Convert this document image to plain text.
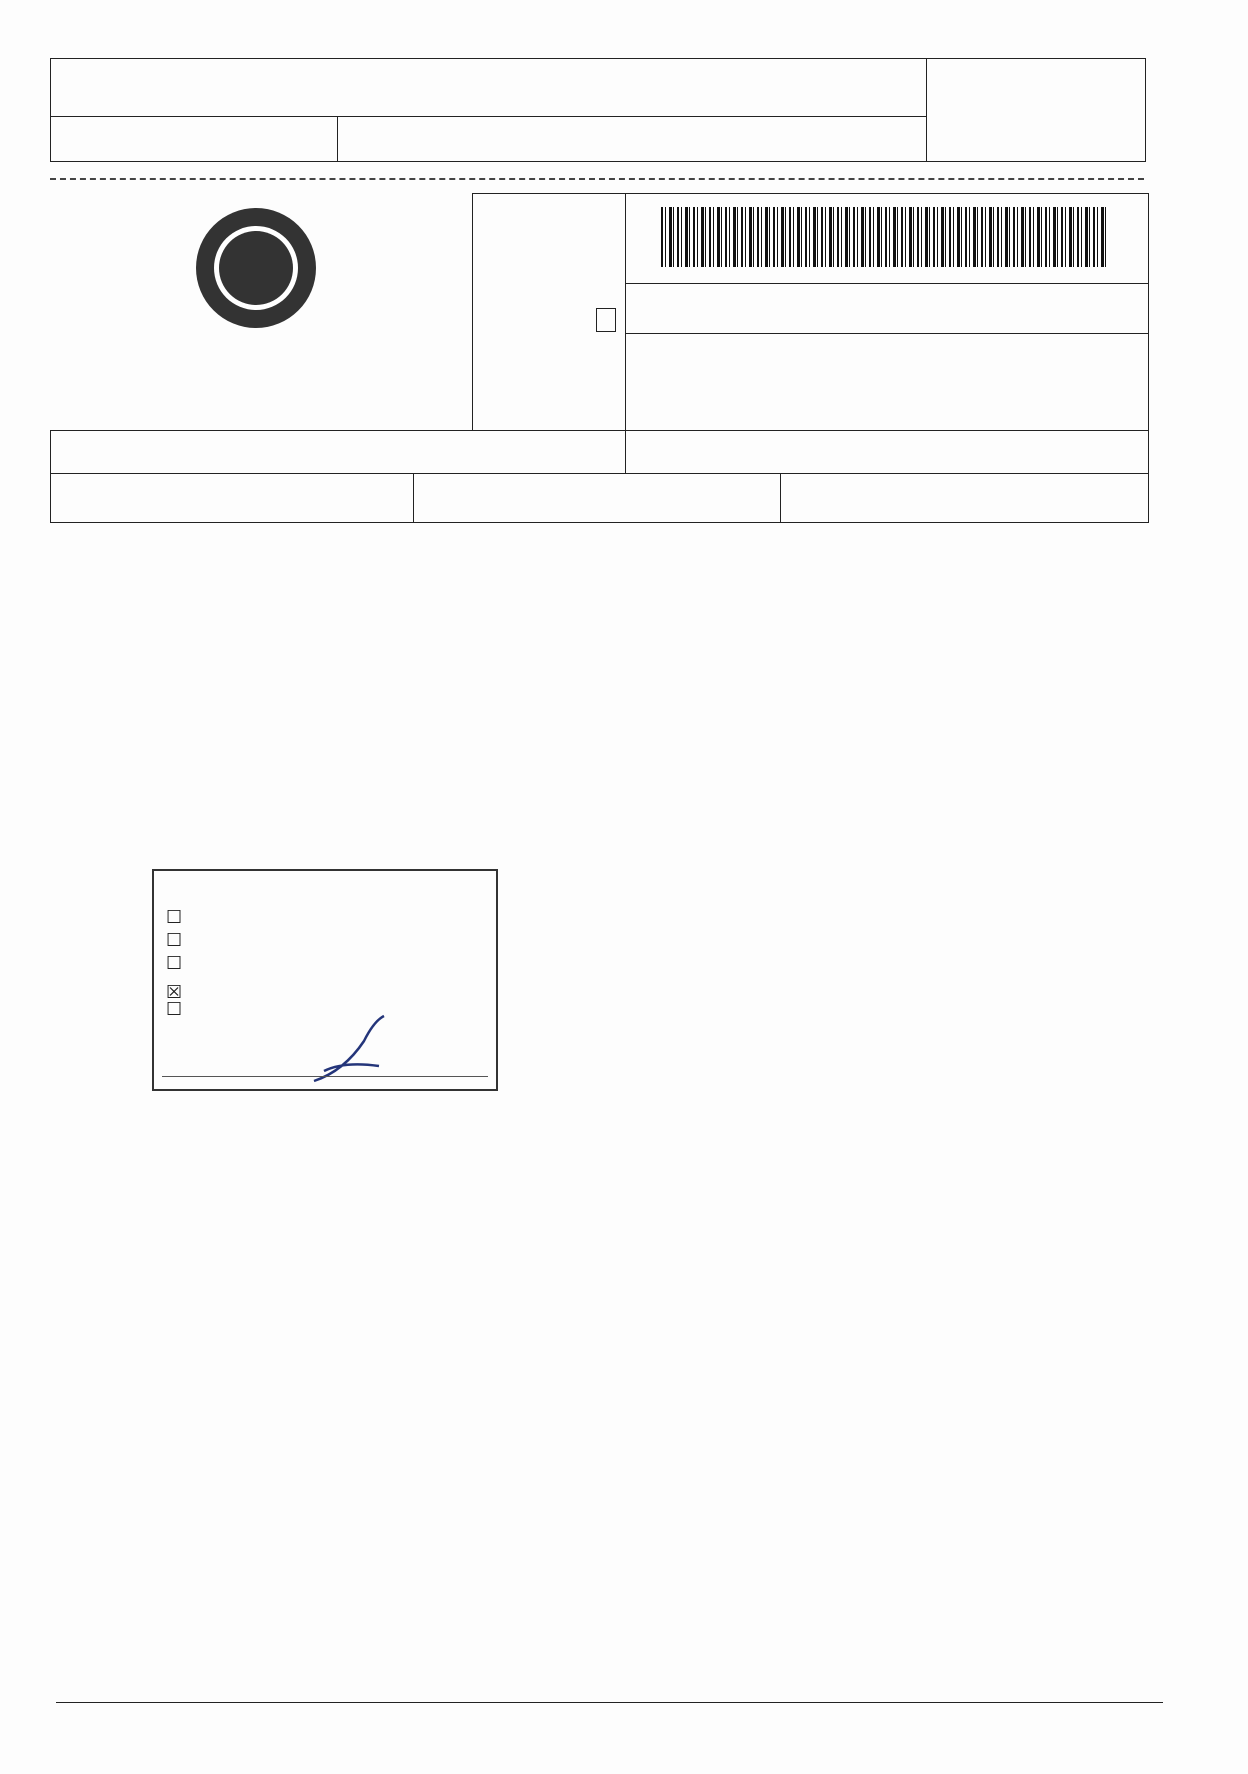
☐
☐
☐
☒
☐
